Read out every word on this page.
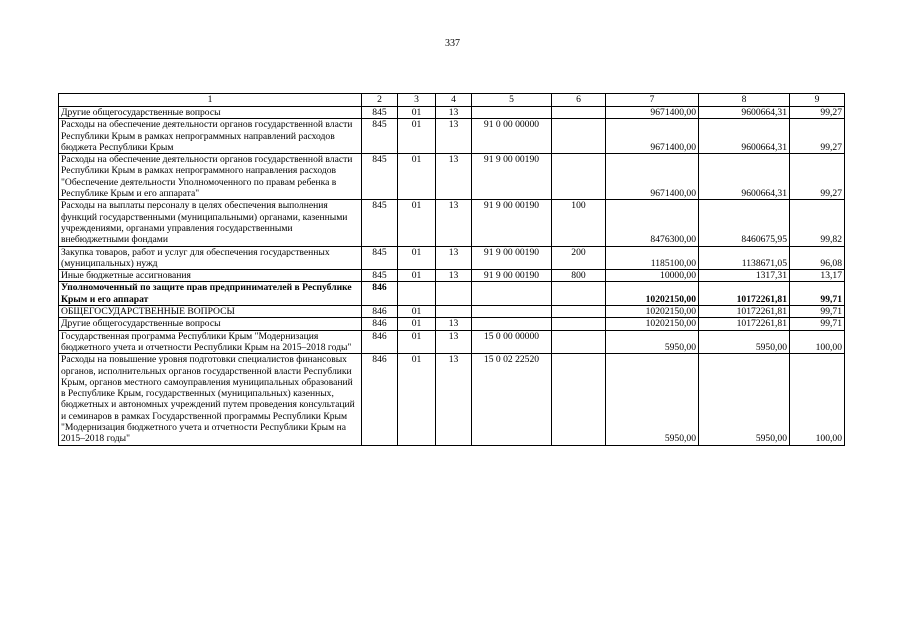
337
1	2	3	4	5	6	7	8	9
Другие общегосударственные вопросы	845	01	13			9671400,00	9600664,31	99,27
Расходы на обеспечение деятельности органов государственной власти Республики Крым в рамках непрограммных направлений расходов бюджета Республики Крым	845	01	13	91 0 00 00000		9671400,00	9600664,31	99,27
Расходы на обеспечение деятельности органов государственной власти Республики Крым в рамках непрограммного направления расходов "Обеспечение деятельности Уполномоченного по правам ребенка в Республике Крым и его аппарата"	845	01	13	91 9 00 00190		9671400,00	9600664,31	99,27
Расходы на выплаты персоналу в целях обеспечения выполнения функций государственными (муниципальными) органами, казенными учреждениями, органами управления государственными внебюджетными фондами	845	01	13	91 9 00 00190	100	8476300,00	8460675,95	99,82
Закупка товаров, работ и услуг для обеспечения государственных (муниципальных) нужд	845	01	13	91 9 00 00190	200	1185100,00	1138671,05	96,08
Иные бюджетные ассигнования	845	01	13	91 9 00 00190	800	10000,00	1317,31	13,17
Уполномоченный по защите прав предпринимателей в Республике Крым и его аппарат	846					10202150,00	10172261,81	99,71
ОБЩЕГОСУДАРСТВЕННЫЕ ВОПРОСЫ	846	01				10202150,00	10172261,81	99,71
Другие общегосударственные вопросы	846	01	13			10202150,00	10172261,81	99,71
Государственная программа Республики Крым "Модернизация бюджетного учета и отчетности Республики Крым на 2015–2018 годы"	846	01	13	15 0 00 00000		5950,00	5950,00	100,00
Расходы на повышение уровня подготовки специалистов финансовых органов, исполнительных органов государственной власти Республики Крым, органов местного самоуправления муниципальных образований в Республике Крым, государственных (муниципальных) казенных, бюджетных и автономных учреждений путем проведения консультаций и семинаров в рамках Государственной программы Республики Крым "Модернизация бюджетного учета и отчетности Республики Крым на 2015–2018 годы"	846	01	13	15 0 02 22520		5950,00	5950,00	100,00
